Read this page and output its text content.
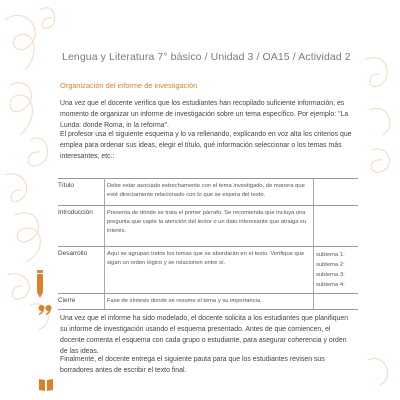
Lengua y Literatura 7° básico / Unidad 3 / OA15 / Actividad 2
Organización del informe de investigación
Una vez que el docente verifica que los estudiantes han recopilado suficiente información, es momento de organizar un informe de investigación sobre un tema específico. Por ejemplo: "La Lunda: donde Roma, in la reforma".
El profesor usa el siguiente esquema y lo va rellenando, explicando en voz alta los criterios que emplea para ordenar sus ideas, elegir el título, qué información seleccionar o los temas más interesantes, etc.:
Título	Debe estar asociado estrechamente con el tema investigado, de manera que esté directamente relacionado con lo que se espera del texto.	
Introducción	Presenta de dónde se trata el primer párrafo. Se recomienda que incluya una pregunta que capte la atención del lector o un dato interesante que atraiga su interés.	
Desarrollo	Aquí se agrupan todos los temas que se abordarán en el texto. Verifique que sigan un orden lógico y se relacionen entre sí.	subtema 1:
subtema 2:
subtema 3:
subtema 4:

Cierre	Fase de síntesis donde se resume el tema y su importancia.	
Una vez que el informe ha sido modelado, el docente solicita a los estudiantes que planifiquen su informe de investigación usando el esquema presentado. Antes de que comiencen, el docente comenta el esquema con cada grupo o estudiante, para asegurar coherencia y orden de las ideas.
Finalmente, el docente entrega el siguiente pauta para que los estudiantes revisen sus borradores antes de escribir el texto final.
